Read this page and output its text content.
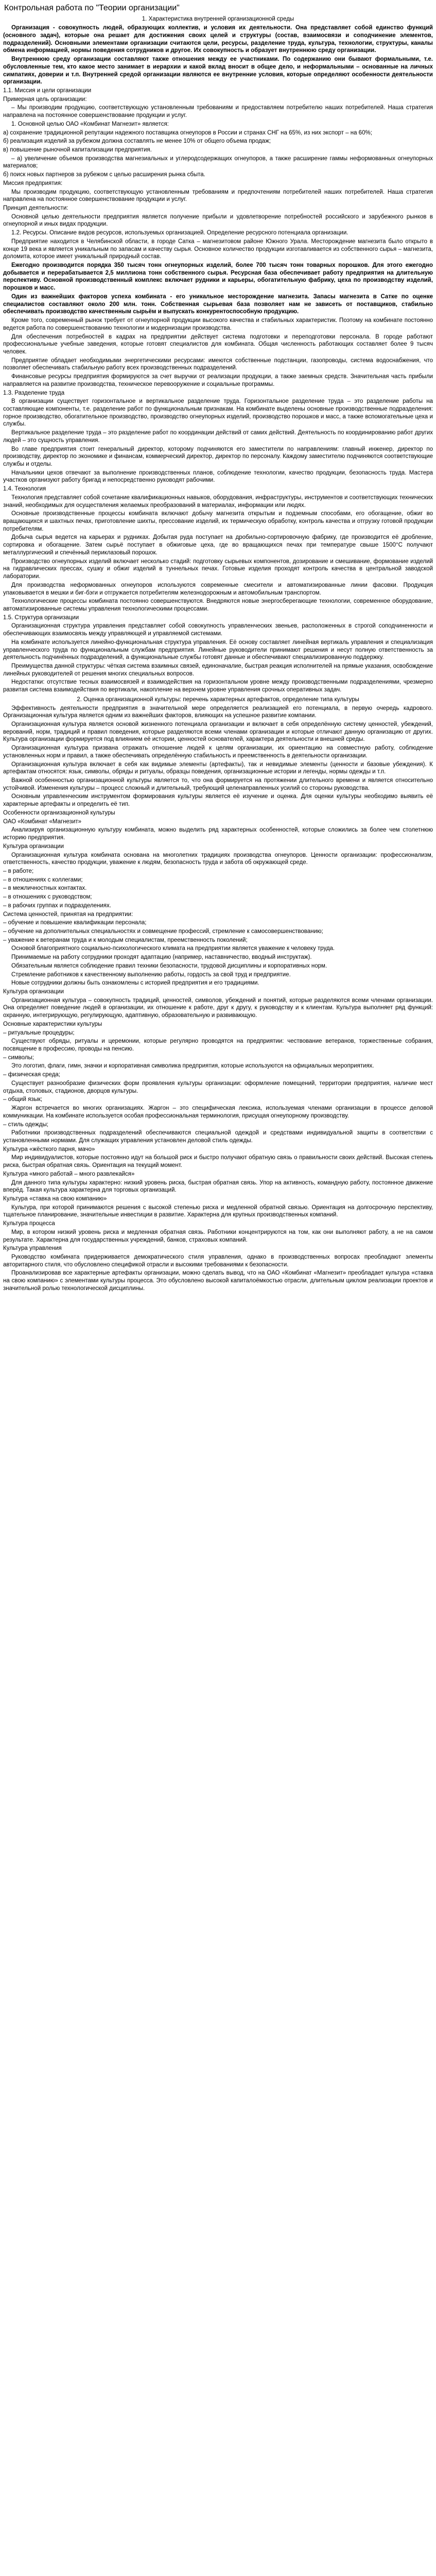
Контрольная работа по "Теории организации"
1. Характеристика внутренней организационной среды
Организация - совокупность людей, образующих коллектив, и условия их деятельности. Она представляет собой единство функций (основного задач), которые она решает для достижения своих целей и структуры (состав, взаимосвязи и соподчинение элементов, подразделений). Основными элементами организации считаются цели, ресурсы, разделение труда, культура, технологии, структуры, каналы обмена информацией, нормы поведения сотрудников и другое. Их совокупность и образует внутреннюю среду организации.
Внутреннюю среду организации составляют также отношения между ее участниками. По содержанию они бывают формальными, т.е. обусловленные тем, кто какое место занимает в иерархии и какой вклад вносит в общее дело, и неформальными – основанные на личных симпатиях, доверии и т.п. Внутренней средой организации являются ее внутренние условия, которые определяют особенности деятельности организации.
1.1. Миссия и цели организации
Примерная цель организации:
– Мы производим продукцию, соответствующую установленным требованиям и предоставляем потребителю наших потребителей. Наша стратегия направлена на постоянное совершенствование продукции и услуг.
1. Основной целью ОАО «Комбинат Магнезит» является:
а) сохранение традиционной репутации надежного поставщика огнеупоров в России и странах СНГ на 65%, из них экспорт – на 60%;
б) реализация изделий за рубежом должна составлять не менее 10% от общего объема продаж;
в) повышение рыночной капитализации предприятия.
– а) увеличение объемов производства магнезиальных и углеродсодержащих огнеупоров, а также расширение гаммы неформованных огнеупорных материалов;
б) поиск новых партнеров за рубежом с целью расширения рынка сбыта.
Миссия предприятия:
Мы производим продукцию, соответствующую установленным требованиям и предпочтениям потребителей наших потребителей. Наша стратегия направлена на постоянное совершенствование продукции и услуг.
Принцип деятельности:
Основной целью деятельности предприятия является получение прибыли и удовлетворение потребностей российского и зарубежного рынков в огнеупорной и иных видах продукции.
1.2. Ресурсы. Описание видов ресурсов, используемых организацией. Определение ресурсного потенциала организации.
Предприятие находится в Челябинской области, в городе Сатка – магнезитовом районе Южного Урала. Месторождение магнезита было открыто в конце 19 века и является уникальным по запасам и качеству сырья. Основное количество продукции изготавливается из собственного сырья – магнезита, доломита, которое имеет уникальный природный состав.
Ежегодно производится порядка 350 тысяч тонн огнеупорных изделий, более 700 тысяч тонн товарных порошков. Для этого ежегодно добывается и перерабатывается 2,5 миллиона тонн собственного сырья. Ресурсная база обеспечивает работу предприятия на длительную перспективу. Основной производственный комплекс включает рудники и карьеры, обогатительную фабрику, цеха по производству изделий, порошков и масс.
Один из важнейших факторов успеха комбината - его уникальное месторождение магнезита. Запасы магнезита в Сатке по оценке специалистов составляют около 200 млн. тонн. Собственная сырьевая база позволяет нам не зависеть от поставщиков, стабильно обеспечивать производство качественным сырьём и выпускать конкурентоспособную продукцию.
Кроме того, современный рынок требует от огнеупорной продукции высокого качества и стабильных характеристик. Поэтому на комбинате постоянно ведется работа по совершенствованию технологии и модернизации производства.
Для обеспечения потребностей в кадрах на предприятии действует система подготовки и переподготовки персонала. В городе работают профессиональные учебные заведения, которые готовят специалистов для комбината. Общая численность работающих составляет более 9 тысяч человек.
Предприятие обладает необходимыми энергетическими ресурсами: имеются собственные подстанции, газопроводы, система водоснабжения, что позволяет обеспечивать стабильную работу всех производственных подразделений.
Финансовые ресурсы предприятия формируются за счет выручки от реализации продукции, а также заемных средств. Значительная часть прибыли направляется на развитие производства, техническое перевооружение и социальные программы.
1.3. Разделение труда
В организации существует горизонтальное и вертикальное разделение труда. Горизонтальное разделение труда – это разделение работы на составляющие компоненты, т.е. разделение работ по функциональным признакам. На комбинате выделены основные производственные подразделения: горное производство, обогатительное производство, производство огнеупорных изделий, производство порошков и масс, а также вспомогательные цеха и службы.
Вертикальное разделение труда – это разделение работ по координации действий от самих действий. Деятельность по координированию работ других людей – это сущность управления.
Во главе предприятия стоит генеральный директор, которому подчиняются его заместители по направлениям: главный инженер, директор по производству, директор по экономике и финансам, коммерческий директор, директор по персоналу. Каждому заместителю подчиняются соответствующие службы и отделы.
Начальники цехов отвечают за выполнение производственных планов, соблюдение технологии, качество продукции, безопасность труда. Мастера участков организуют работу бригад и непосредственно руководят рабочими.
1.4. Технология
Технология представляет собой сочетание квалификационных навыков, оборудования, инфраструктуры, инструментов и соответствующих технических знаний, необходимых для осуществления желаемых преобразований в материалах, информации или людях.
Основные производственные процессы комбината включают добычу магнезита открытым и подземным способами, его обогащение, обжиг во вращающихся и шахтных печах, приготовление шихты, прессование изделий, их термическую обработку, контроль качества и отгрузку готовой продукции потребителям.
Добыча сырья ведется на карьерах и рудниках. Добытая руда поступает на дробильно-сортировочную фабрику, где производится её дробление, сортировка и обогащение. Затем сырьё поступает в обжиговые цеха, где во вращающихся печах при температуре свыше 1500°C получают металлургический и спечённый периклазовый порошок.
Производство огнеупорных изделий включает несколько стадий: подготовку сырьевых компонентов, дозирование и смешивание, формование изделий на гидравлических прессах, сушку и обжиг изделий в туннельных печах. Готовые изделия проходят контроль качества в центральной заводской лаборатории.
Для производства неформованных огнеупоров используются современные смесители и автоматизированные линии фасовки. Продукция упаковывается в мешки и биг-бэги и отгружается потребителям железнодорожным и автомобильным транспортом.
Технологические процессы комбината постоянно совершенствуются. Внедряются новые энергосберегающие технологии, современное оборудование, автоматизированные системы управления технологическими процессами.
1.5. Структура организации
Организационная структура управления представляет собой совокупность управленческих звеньев, расположенных в строгой соподчиненности и обеспечивающих взаимосвязь между управляющей и управляемой системами.
На комбинате используется линейно-функциональная структура управления. Её основу составляет линейная вертикаль управления и специализация управленческого труда по функциональным службам предприятия. Линейные руководители принимают решения и несут полную ответственность за деятельность подчинённых подразделений, а функциональные службы готовят данные и обеспечивают специализированную поддержку.
Преимущества данной структуры: чёткая система взаимных связей, единоначалие, быстрая реакция исполнителей на прямые указания, освобождение линейных руководителей от решения многих специальных вопросов.
Недостатки: отсутствие тесных взаимосвязей и взаимодействия на горизонтальном уровне между производственными подразделениями, чрезмерно развитая система взаимодействия по вертикали, накопление на верхнем уровне управления срочных оперативных задач.
2. Оценка организационной культуры: перечень характерных артефактов, определение типа культуры
Эффективность деятельности предприятия в значительной мере определяется реализацией его потенциала, в первую очередь кадрового. Организационная культура является одним из важнейших факторов, влияющих на успешное развитие компании.
Организационная культура является основой жизненного потенциала организации и включает в себя определённую систему ценностей, убеждений, верований, норм, традиций и правил поведения, которые разделяются всеми членами организации и которые отличают данную организацию от других. Культура организации формируется под влиянием её истории, ценностей основателей, характера деятельности и внешней среды.
Организационная культура призвана отражать отношение людей к целям организации, их ориентацию на совместную работу, соблюдение установленных норм и правил, а также обеспечивать определённую стабильность и преемственность в деятельности организации.
Организационная культура включает в себя как видимые элементы (артефакты), так и невидимые элементы (ценности и базовые убеждения). К артефактам относятся: язык, символы, обряды и ритуалы, образцы поведения, организационные истории и легенды, нормы одежды и т.п.
Важной особенностью организационной культуры является то, что она формируется на протяжении длительного времени и является относительно устойчивой. Изменения культуры – процесс сложный и длительный, требующий целенаправленных усилий со стороны руководства.
Основным управленческим инструментом формирования культуры является её изучение и оценка. Для оценки культуры необходимо выявить её характерные артефакты и определить её тип.
Особенности организационной культуры
ОАО «Комбинат «Магнезит»
Анализируя организационную культуру комбината, можно выделить ряд характерных особенностей, которые сложились за более чем столетнюю историю предприятия.
Культура организации
Организационная культура комбината основана на многолетних традициях производства огнеупоров. Ценности организации: профессионализм, ответственность, качество продукции, уважение к людям, безопасность труда и забота об окружающей среде.
– в работе;
– в отношениях с коллегами;
– в межличностных контактах.
– в отношениях с руководством;
– в рабочих группах и подразделениях.
Система ценностей, принятая на предприятии:
– обучение и повышение квалификации персонала;
– обучение на дополнительных специальностях и совмещение профессий, стремление к самосовершенствованию;
– уважение к ветеранам труда и к молодым специалистам, преемственность поколений;
Основой благоприятного социально-психологического климата на предприятии является уважение к человеку труда.
Принимаемые на работу сотрудники проходят адаптацию (например, наставничество, вводный инструктаж).
Обязательным является соблюдение правил техники безопасности, трудовой дисциплины и корпоративных норм.
Стремление работников к качественному выполнению работы, гордость за свой труд и предприятие.
Новые сотрудники должны быть ознакомлены с историей предприятия и его традициями.
Культура организации
Организационная культура – совокупность традиций, ценностей, символов, убеждений и понятий, которые разделяются всеми членами организации. Она определяет поведение людей в организации, их отношение к работе, друг к другу, к руководству и к клиентам. Культура выполняет ряд функций: охранную, интегрирующую, регулирующую, адаптивную, образовательную и развивающую.
Основные характеристики культуры
– ритуальные процедуры;
Существуют обряды, ритуалы и церемонии, которые регулярно проводятся на предприятии: чествование ветеранов, торжественные собрания, посвящение в профессию, проводы на пенсию.
– символы;
Это логотип, флаги, гимн, значки и корпоративная символика предприятия, которые используются на официальных мероприятиях.
– физическая среда;
Существует разнообразие физических форм проявления культуры организации: оформление помещений, территории предприятия, наличие мест отдыха, столовых, стадионов, дворцов культуры.
– общий язык;
Жаргон встречается во многих организациях. Жаргон – это специфическая лексика, используемая членами организации в процессе деловой коммуникации. На комбинате используется особая профессиональная терминология, присущая огнеупорному производству.
– стиль одежды;
Работники производственных подразделений обеспечиваются специальной одеждой и средствами индивидуальной защиты в соответствии с установленными нормами. Для служащих управления установлен деловой стиль одежды.
Культура «жёсткого парня, мачо»
Мир индивидуалистов, которые постоянно идут на большой риск и быстро получают обратную связь о правильности своих действий. Высокая степень риска, быстрая обратная связь. Ориентация на текущий момент.
Культура «много работай – много развлекайся»
Для данного типа культуры характерно: низкий уровень риска, быстрая обратная связь. Упор на активность, командную работу, постоянное движение вперёд. Такая культура характерна для торговых организаций.
Культура «ставка на свою компанию»
Культура, при которой принимаются решения с высокой степенью риска и медленной обратной связью. Ориентация на долгосрочную перспективу, тщательное планирование, значительные инвестиции в развитие. Характерна для крупных производственных компаний.
Культура процесса
Мир, в котором низкий уровень риска и медленная обратная связь. Работники концентрируются на том, как они выполняют работу, а не на самом результате. Характерна для государственных учреждений, банков, страховых компаний.
Культура управления
Руководство комбината придерживается демократического стиля управления, однако в производственных вопросах преобладают элементы авторитарного стиля, что обусловлено спецификой отрасли и высокими требованиями к безопасности.
Проанализировав все характерные артефакты организации, можно сделать вывод, что на ОАО «Комбинат «Магнезит» преобладает культура «ставка на свою компанию» с элементами культуры процесса. Это обусловлено высокой капиталоёмкостью отрасли, длительным циклом реализации проектов и значительной ролью технологической дисциплины.
